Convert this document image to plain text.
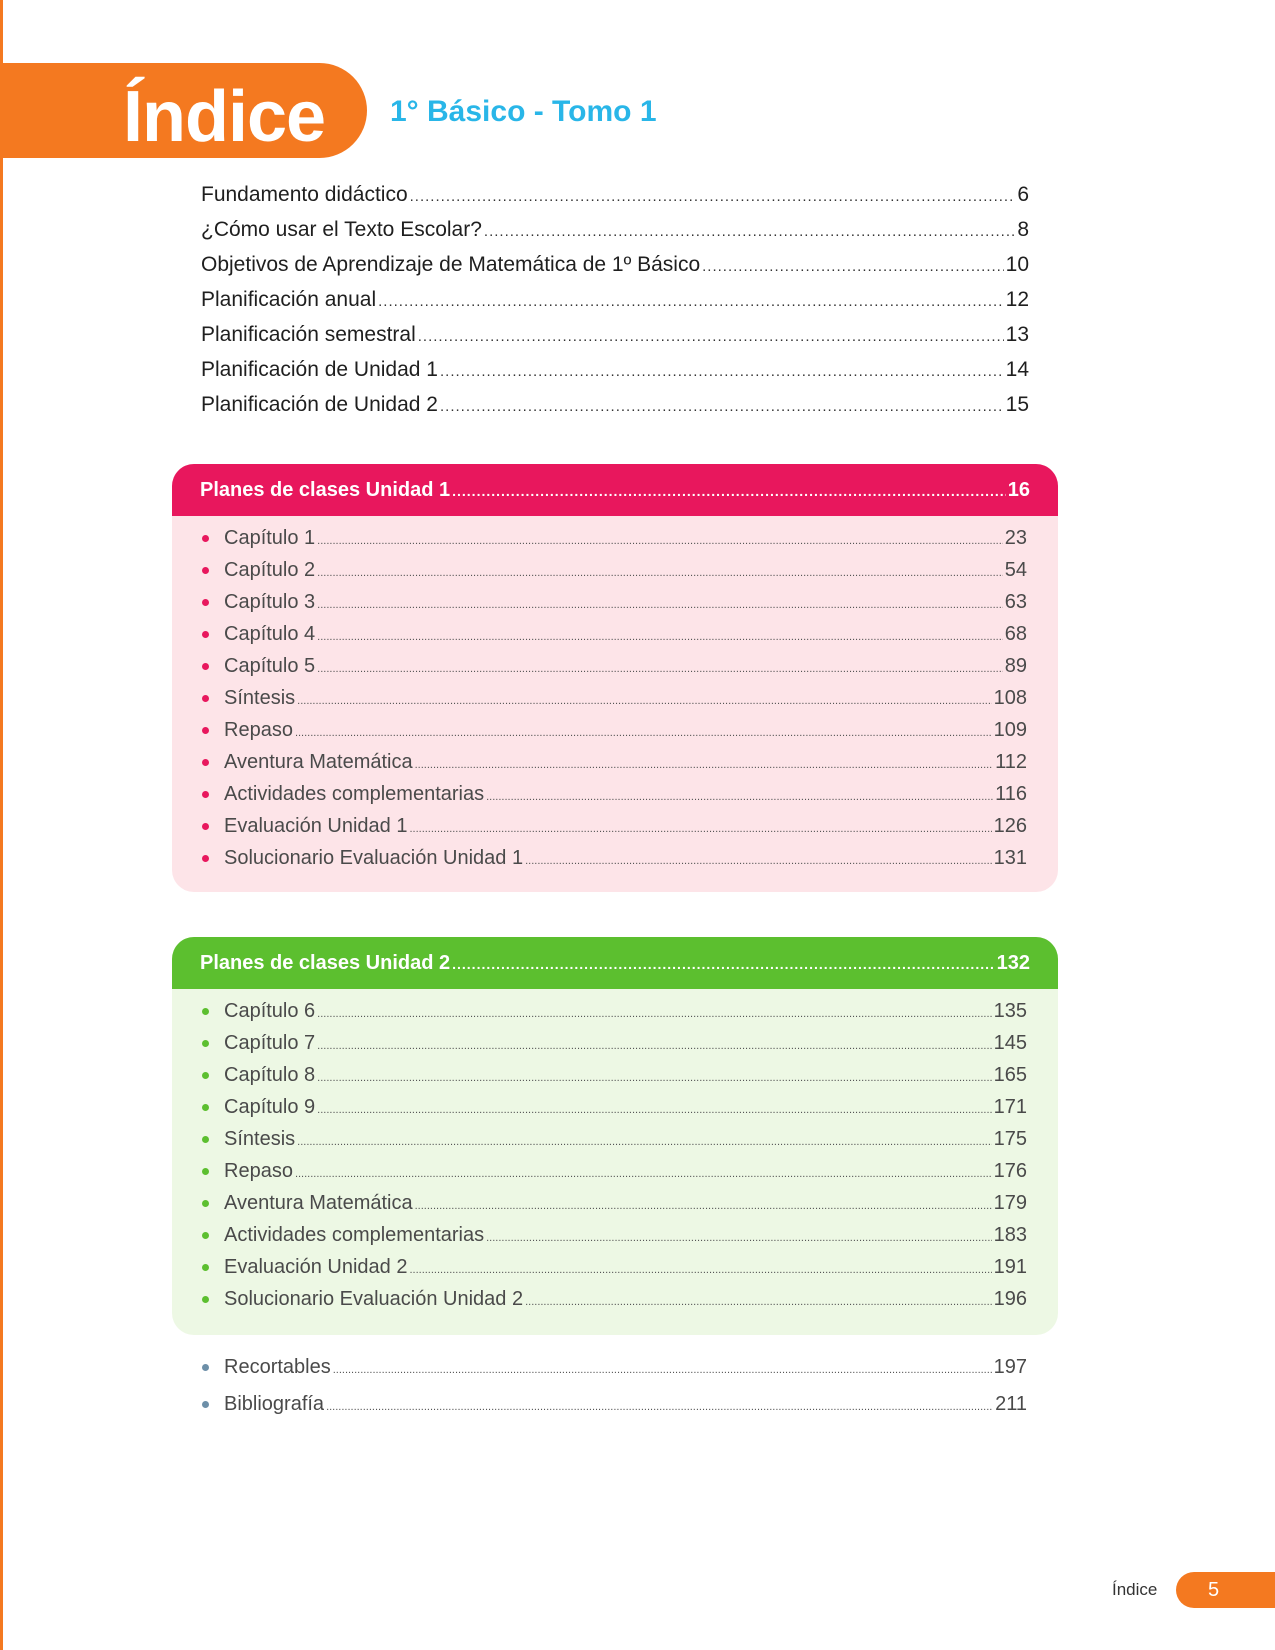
Índice 1° Básico - Tomo 1
Fundamento didáctico .....	6
¿Cómo usar el Texto Escolar? .....	8
Objetivos de Aprendizaje de Matemática de 1º Básico .....	10
Planificación anual .....	12
Planificación semestral .....	13
Planificación de Unidad 1 .....	14
Planificación de Unidad 2 .....	15
Planes de clases Unidad 1 .....	16
Capítulo 1 .....	23
Capítulo 2 .....	54
Capítulo 3 .....	63
Capítulo 4 .....	68
Capítulo 5 .....	89
Síntesis .....	108
Repaso .....	109
Aventura Matemática .....	112
Actividades complementarias .....	116
Evaluación Unidad 1 .....	126
Solucionario Evaluación Unidad 1 .....	131
Planes de clases Unidad 2 .....	132
Capítulo 6 .....	135
Capítulo 7 .....	145
Capítulo 8 .....	165
Capítulo 9 .....	171
Síntesis .....	175
Repaso .....	176
Aventura Matemática .....	179
Actividades complementarias .....	183
Evaluación Unidad 2 .....	191
Solucionario Evaluación Unidad 2 .....	196
Recortables .....	197
Bibliografía .....	211
Índice	5
